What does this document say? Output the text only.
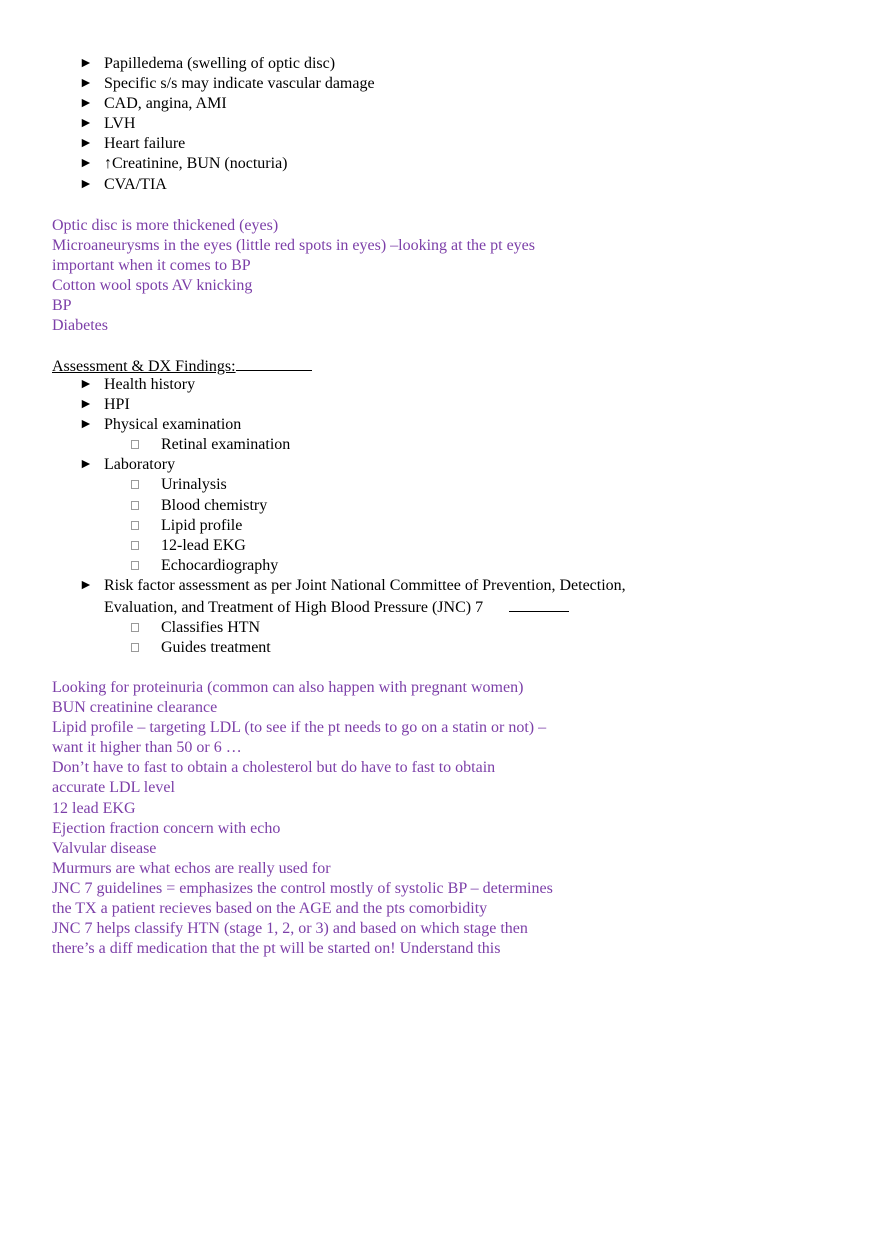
► Papilledema (swelling of optic disc)
► Specific s/s may indicate vascular damage
► CAD, angina, AMI
► LVH
► Heart failure
► ↑Creatinine, BUN (nocturia)
► CVA/TIA
Optic disc is more thickened (eyes)
Microaneurysms in the eyes (little red spots in eyes) –looking at the pt eyes
important when it comes to BP
Cotton wool spots AV knicking
BP
Diabetes
Assessment & DX Findings:
► Health history
► HPI
► Physical examination
Retinal examination
► Laboratory
Urinalysis
Blood chemistry
Lipid profile
12-lead EKG
Echocardiography
► Risk factor assessment as per Joint National Committee of Prevention, Detection,
Evaluation, and Treatment of High Blood Pressure (JNC) 7
Classifies HTN
Guides treatment
Looking for proteinuria (common can also happen with pregnant women)
BUN creatinine clearance
Lipid profile – targeting LDL (to see if the pt needs to go on a statin or not) –
want it higher than 50 or 6 …
Don’t have to fast to obtain a cholesterol but do have to fast to obtain
accurate LDL level
12 lead EKG
Ejection fraction concern with echo
Valvular disease
Murmurs are what echos are really used for
JNC 7 guidelines = emphasizes the control mostly of systolic BP – determines
the TX a patient recieves based on the AGE and the pts comorbidity
JNC 7 helps classify HTN (stage 1, 2, or 3) and based on which stage then
there’s a diff medication that the pt will be started on! Understand this
